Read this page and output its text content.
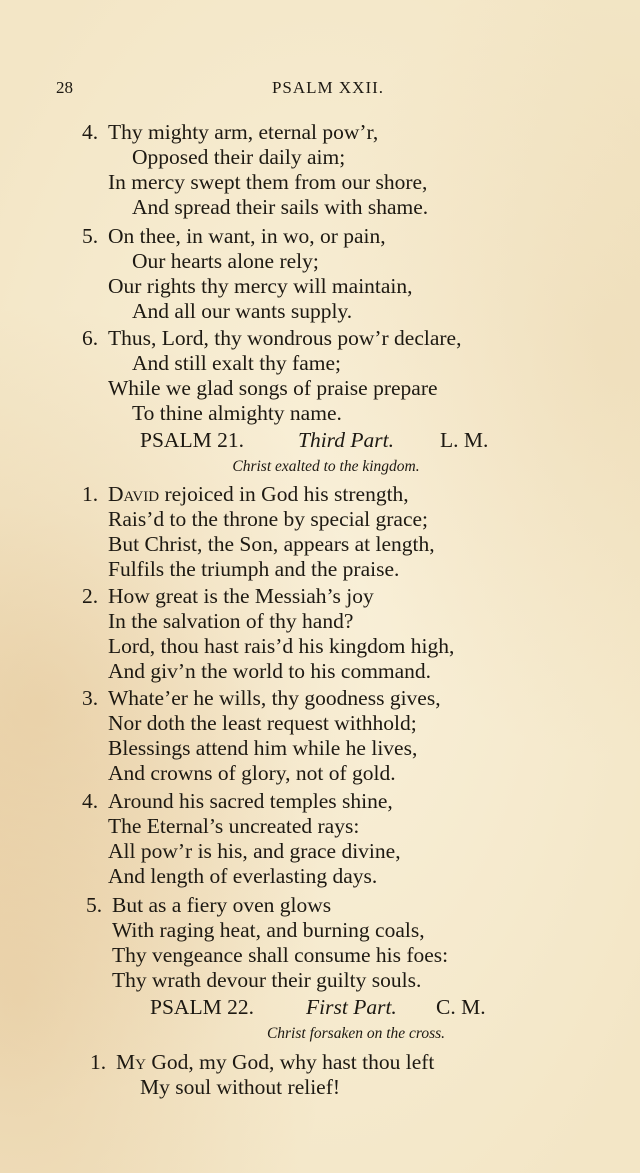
28	PSALM XXII.
4. Thy mighty arm, eternal pow’r,
Opposed their daily aim;
In mercy swept them from our shore,
And spread their sails with shame.
5. On thee, in want, in wo, or pain,
Our hearts alone rely;
Our rights thy mercy will maintain,
And all our wants supply.
6. Thus, Lord, thy wondrous pow’r declare,
And still exalt thy fame;
While we glad songs of praise prepare
To thine almighty name.
PSALM 21.	Third Part. L. M.
Christ exalted to the kingdom.
1. David rejoiced in God his strength,
Rais’d to the throne by special grace;
But Christ, the Son, appears at length,
Fulfils the triumph and the praise.
2. How great is the Messiah’s joy
In the salvation of thy hand?
Lord, thou hast rais’d his kingdom high,
And giv’n the world to his command.
3. Whate’er he wills, thy goodness gives,
Nor doth the least request withhold;
Blessings attend him while he lives,
And crowns of glory, not of gold.
4. Around his sacred temples shine,
The Eternal’s uncreated rays:
All pow’r is his, and grace divine,
And length of everlasting days.
5. But as a fiery oven glows
With raging heat, and burning coals,
Thy vengeance shall consume his foes:
Thy wrath devour their guilty souls.
PSALM 22. First Part. C. M.
Christ forsaken on the cross.
1. My God, my God, why hast thou left
My soul without relief!
